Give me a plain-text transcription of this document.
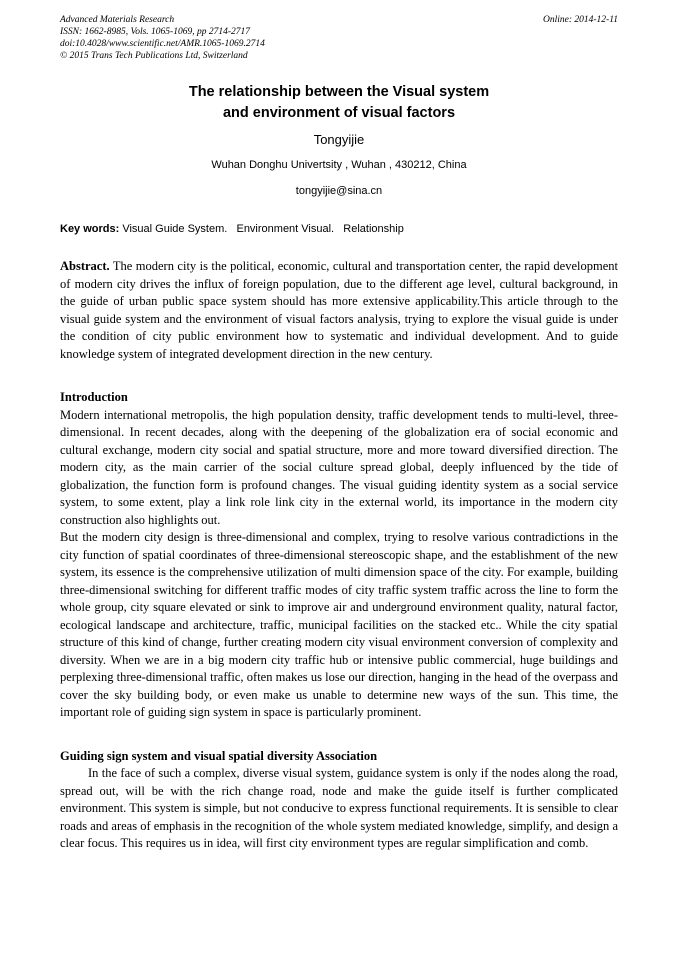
Advanced Materials Research
ISSN: 1662-8985, Vols. 1065-1069, pp 2714-2717
doi:10.4028/www.scientific.net/AMR.1065-1069.2714
© 2015 Trans Tech Publications Ltd, Switzerland
Online: 2014-12-11
The relationship between the Visual system
and environment of visual factors
Tongyijie
Wuhan Donghu Univertsity , Wuhan , 430212, China
tongyijie@sina.cn

Key words: Visual Guide System.   Environment Visual.   Relationship

Abstract. The modern city is the political, economic, cultural and transportation center, the rapid development of modern city drives the influx of foreign population, due to the different age level, cultural background, in the guide of urban public space system should has more extensive applicability.This article through to the visual guide system and the environment of visual factors analysis, trying to explore the visual guide is under the condition of city public environment how to systematic and individual development. And to guide knowledge system of integrated development direction in the new century.

Introduction

Modern international metropolis, the high population density, traffic development tends to multi-level, three-dimensional. In recent decades, along with the deepening of the globalization era of social economic and cultural exchange, modern city social and spatial structure, more and more toward diversified direction. The modern city, as the main carrier of the social culture spread global, deeply influenced by the tide of globalization, the function form is profound changes. The visual guiding identity system as a social service system, to some extent, play a link role link city in the external world, its importance in the modern city construction also highlights out.

But the modern city design is three-dimensional and complex, trying to resolve various contradictions in the city function of spatial coordinates of three-dimensional stereoscopic shape, and the establishment of the new system, its essence is the comprehensive utilization of multi dimension space of the city. For example, building three-dimensional switching for different traffic modes of city traffic system traffic across the line to form the whole group, city square elevated or sink to improve air and underground environment quality, natural factor, ecological landscape and architecture, traffic, municipal facilities on the stacked etc.. While the city spatial structure of this kind of change, further creating modern city visual environment conversion of complexity and diversity. When we are in a big modern city traffic hub or intensive public commercial, huge buildings and perplexing three-dimensional traffic, often makes us lose our direction, hanging in the head of the overpass and cover the sky building body, or even make us unable to determine new ways of the sun. This time, the important role of guiding sign system in space is particularly prominent.

Guiding sign system and visual spatial diversity Association

In the face of such a complex, diverse visual system, guidance system is only if the nodes along the road, spread out, will be with the rich change road, node and make the guide itself is further complicated environment. This system is simple, but not conducive to express functional requirements. It is sensible to clear roads and areas of emphasis in the recognition of the whole system mediated knowledge, simplify, and design a clear focus. This requires us in idea, will first city environment types are regular simplification and comb.
